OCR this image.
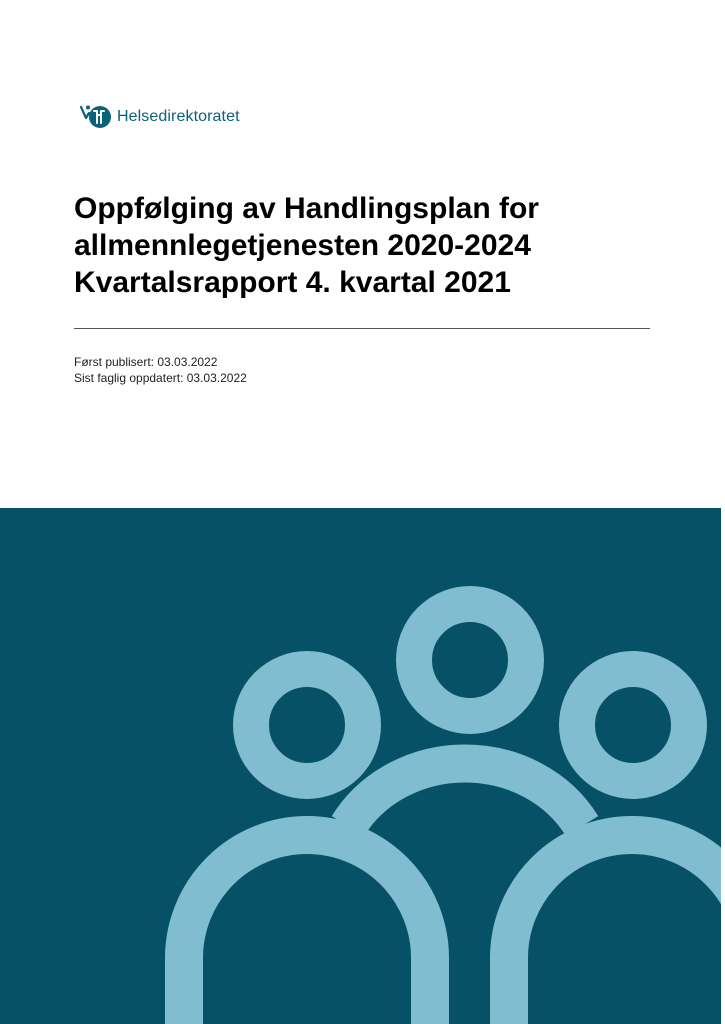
Helsedirektoratet
Oppfølging av Handlingsplan for
allmennlegetjenesten 2020-2024
Kvartalsrapport 4. kvartal 2021
Først publisert: 03.03.2022
Sist faglig oppdatert: 03.03.2022
